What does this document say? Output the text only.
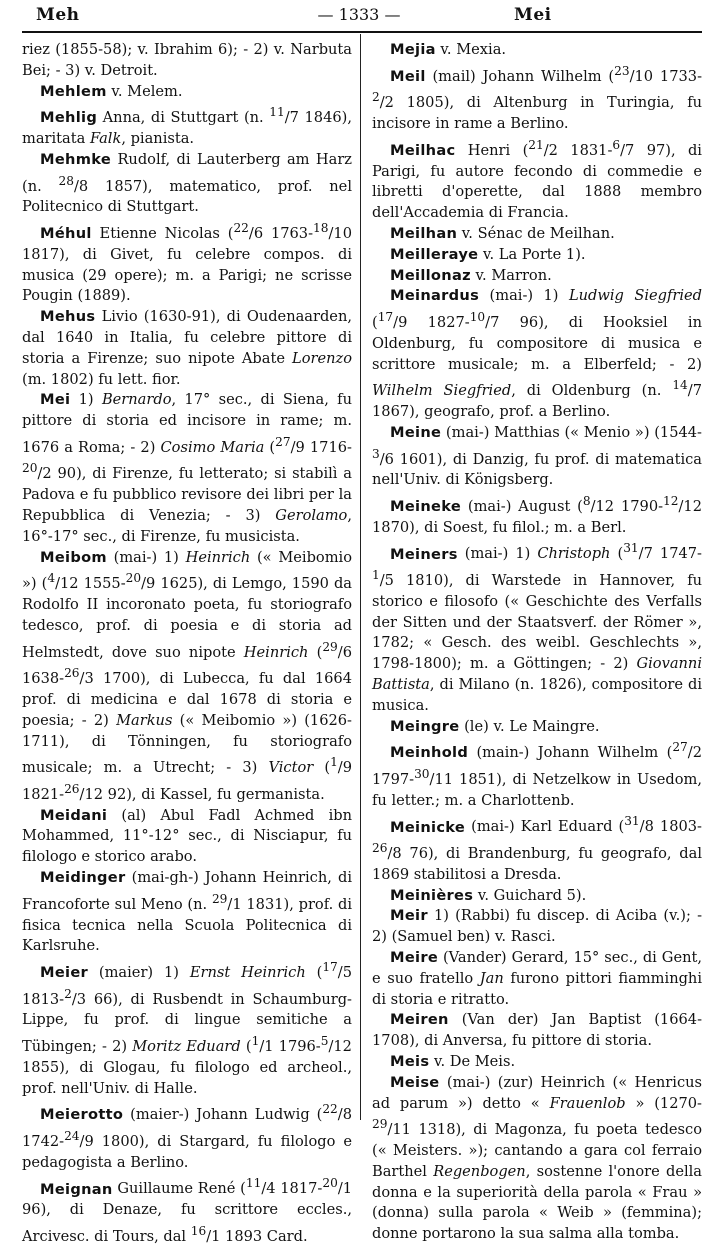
Meh	— 1333 —	Mei
riez (1855-58); v. Ibrahim 6); - 2) v. Narbuta Bei; - 3) v. Detroit.
Mehlem v. Melem.
Mehlig Anna, di Stuttgart (n. $^{11}$/7 1846), maritata Falk, pianista.
Mehmke Rudolf, di Lauterberg am Harz (n. $^{28}$/8 1857), matematico, prof. nel Politecnico di Stuttgart.
Méhul Etienne Nicolas ($^{22}$/6 1763-$^{18}$/10 1817), di Givet, fu celebre compos. di musica (29 opere); m. a Parigi; ne scrisse Pougin (1889).
Mehus Livio (1630-91), di Oudenaarden, dal 1640 in Italia, fu celebre pittore di storia a Firenze; suo nipote Abate Lorenzo (m. 1802) fu lett. fior.
Mei 1) Bernardo, 17° sec., di Siena, fu pittore di storia ed incisore in rame; m. 1676 a Roma; - 2) Cosimo Maria ($^{27}$/9 1716-$^{20}$/2 90), di Firenze, fu letterato; si stabilì a Padova e fu pubblico revisore dei libri per la Repubblica di Venezia; - 3) Gerolamo, 16°-17° sec., di Firenze, fu musicista.
Meibom (mai-) 1) Heinrich (« Meibomio ») ($^4$/12 1555-$^{20}$/9 1625), di Lemgo, 1590 da Rodolfo II incoronato poeta, fu storiografo tedesco, prof. di poesia e di storia ad Helmstedt, dove suo nipote Heinrich ($^{29}$/6 1638-$^{26}$/3 1700), di Lubecca, fu dal 1664 prof. di medicina e dal 1678 di storia e poesia; - 2) Markus (« Meibomio ») (1626-1711), di Tönningen, fu storiografo musicale; m. a Utrecht; - 3) Victor ($^1$/9 1821-$^{26}$/12 92), di Kassel, fu germanista.
Meidani (al) Abul Fadl Achmed ibn Mohammed, 11°-12° sec., di Nisciapur, fu filologo e storico arabo.
Meidinger (mai-gh-) Johann Heinrich, di Francoforte sul Meno (n. $^{29}$/1 1831), prof. di fisica tecnica nella Scuola Politecnica di Karlsruhe.
Meier (maier) 1) Ernst Heinrich ($^{17}$/5 1813-$^2$/3 66), di Rusbendt in Schaumburg-Lippe, fu prof. di lingue semitiche a Tübingen; - 2) Moritz Eduard ($^1$/1 1796-$^5$/12 1855), di Glogau, fu filologo ed archeol., prof. nell'Univ. di Halle.
Meierotto (maier-) Johann Ludwig ($^{22}$/8 1742-$^{24}$/9 1800), di Stargard, fu filologo e pedagogista a Berlino.
Meignan Guillaume René ($^{11}$/4 1817-$^{20}$/1 96), di Denaze, fu scrittore eccles., Arcivesc. di Tours, dal $^{16}$/1 1893 Card.
Mejia v. Mexia.
Meil (mail) Johann Wilhelm ($^{23}$/10 1733-$^2$/2 1805), di Altenburg in Turingia, fu incisore in rame a Berlino.
Meilhac Henri ($^{21}$/2 1831-$^6$/7 97), di Parigi, fu autore fecondo di commedie e libretti d'operette, dal 1888 membro dell'Accademia di Francia.
Meilhan v. Sénac de Meilhan.
Meilleraye v. La Porte 1).
Meillonaz v. Marron.
Meinardus (mai-) 1) Ludwig Siegfried ($^{17}$/9 1827-$^{10}$/7 96), di Hooksiel in Oldenburg, fu compositore di musica e scrittore musicale; m. a Elberfeld; - 2) Wilhelm Siegfried, di Oldenburg (n. $^{14}$/7 1867), geografo, prof. a Berlino.
Meine (mai-) Matthias (« Menio ») (1544-$^3$/6 1601), di Danzig, fu prof. di matematica nell'Univ. di Königsberg.
Meineke (mai-) August ($^8$/12 1790-$^{12}$/12 1870), di Soest, fu filol.; m. a Berl.
Meiners (mai-) 1) Christoph ($^{31}$/7 1747-$^1$/5 1810), di Warstede in Hannover, fu storico e filosofo (« Geschichte des Verfalls der Sitten und der Staatsverf. der Römer », 1782; « Gesch. des weibl. Geschlechts », 1798-1800); m. a Göttingen; - 2) Giovanni Battista, di Milano (n. 1826), compositore di musica.
Meingre (le) v. Le Maingre.
Meinhold (main-) Johann Wilhelm ($^{27}$/2 1797-$^{30}$/11 1851), di Netzelkow in Usedom, fu letter.; m. a Charlottenb.
Meinicke (mai-) Karl Eduard ($^{31}$/8 1803-$^{26}$/8 76), di Brandenburg, fu geografo, dal 1869 stabilitosi a Dresda.
Meinières v. Guichard 5).
Meir 1) (Rabbi) fu discep. di Aciba (v.); - 2) (Samuel ben) v. Rasci.
Meire (Vander) Gerard, 15° sec., di Gent, e suo fratello Jan furono pittori fiamminghi di storia e ritratto.
Meiren (Van der) Jan Baptist (1664-1708), di Anversa, fu pittore di storia.
Meis v. De Meis.
Meise (mai-) (zur) Heinrich (« Henricus ad parum ») detto « Frauenlob » (1270-$^{29}$/11 1318), di Magonza, fu poeta tedesco (« Meisters. »); cantando a gara col ferraio Barthel Regenbogen, sostenne l'onore della donna e la superiorità della parola « Frau » (donna) sulla parola « Weib » (femmina); donne portarono la sua salma alla tomba.
